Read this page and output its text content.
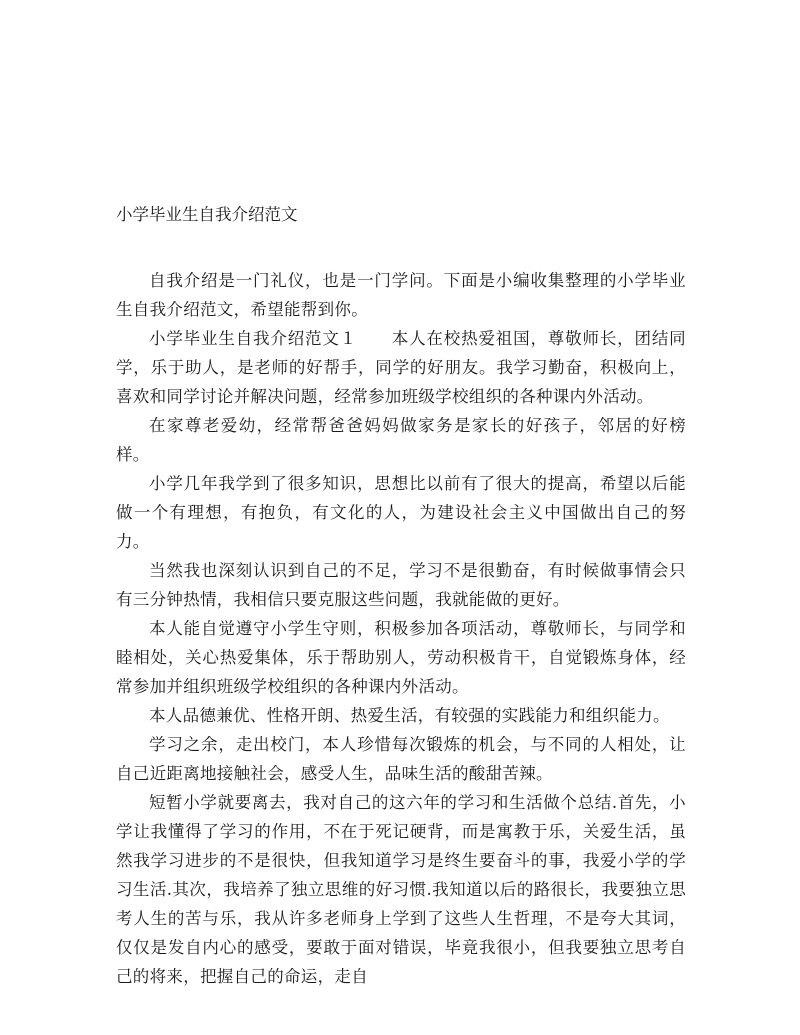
小学毕业生自我介绍范文

自我介绍是一门礼仪，也是一门学问。下面是小编收集整理的小学毕业生自我介绍范文，希望能帮到你。

小学毕业生自我介绍范文１　　本人在校热爱祖国，尊敬师长，团结同学，乐于助人，是老师的好帮手，同学的好朋友。我学习勤奋，积极向上，喜欢和同学讨论并解决问题，经常参加班级学校组织的各种课内外活动。

在家尊老爱幼，经常帮爸爸妈妈做家务是家长的好孩子，邻居的好榜样。

小学几年我学到了很多知识，思想比以前有了很大的提高，希望以后能做一个有理想，有抱负，有文化的人，为建设社会主义中国做出自己的努力。

当然我也深刻认识到自己的不足，学习不是很勤奋，有时候做事情会只有三分钟热情，我相信只要克服这些问题，我就能做的更好。

本人能自觉遵守小学生守则，积极参加各项活动，尊敬师长，与同学和睦相处，关心热爱集体，乐于帮助别人，劳动积极肯干，自觉锻炼身体，经常参加并组织班级学校组织的各种课内外活动。

本人品德兼优、性格开朗、热爱生活，有较强的实践能力和组织能力。

学习之余，走出校门，本人珍惜每次锻炼的机会，与不同的人相处，让自己近距离地接触社会，感受人生，品味生活的酸甜苦辣。

短暂小学就要离去，我对自己的这六年的学习和生活做个总结.首先，小学让我懂得了学习的作用，不在于死记硬背，而是寓教于乐，关爱生活，虽然我学习进步的不是很快，但我知道学习是终生要奋斗的事，我爱小学的学习生活.其次，我培养了独立思维的好习惯.我知道以后的路很长，我要独立思考人生的苦与乐，我从许多老师身上学到了这些人生哲理，不是夸大其词，仅仅是发自内心的感受，要敢于面对错误，毕竟我很小，但我要独立思考自己的将来，把握自己的命运，走自
